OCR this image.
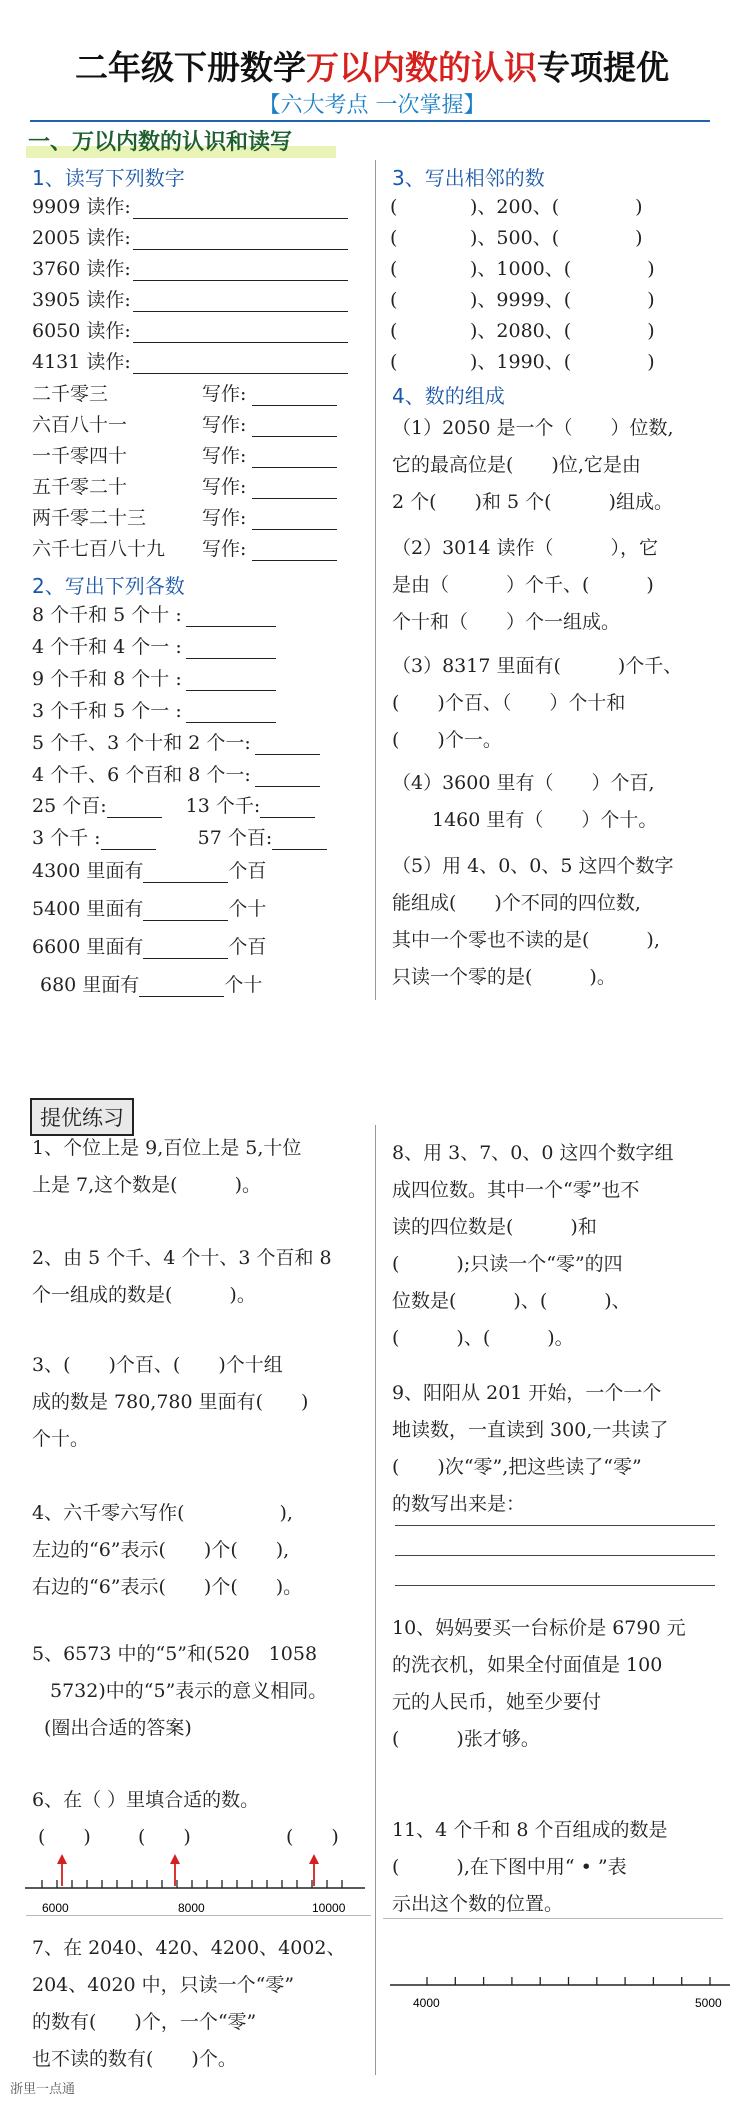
二年级下册数学万以内数的认识专项提优
【六大考点 一次掌握】
一、万以内数的认识和读写
1、读写下列数字
9909 读作:
2005 读作:
3760 读作:
3905 读作:
6050 读作:
4131 读作:
二千零三	写作:
六百八十一	写作:
一千零四十	写作:
五千零二十	写作:
两千零二十三	写作:
六千七百八十九 写作:
2、写出下列各数
8 个千和 5 个十 :
4 个千和 4 个一 :
9 个千和 8 个十 :
3 个千和 5 个一 :
5 个千、3 个十和 2 个一:
4 个千、6 个百和 8 个一:
25 个百:	13 个千:
3 个千 :	57 个百:
4300 里面有	个百
5400 里面有	个十
6600 里面有	个百
680 里面有	个十
3、写出相邻的数
(　　　)、200、(　　　　)
(　　　)、500、(　　　　)
(　　　)、1000、(　　　　)
(　　　)、9999、(　　　　)
(　　　)、2080、(　　　　)
(　　　)、1990、(　　　　)
4、数的组成
（1）2050 是一个（　　）位数,
它的最高位是(　　)位,它是由
2 个(　　)和 5 个(　　　)组成。
（2）3014 读作（　　　），它
是由（　　　）个千、(　　　)
个十和（　　）个一组成。
（3）8317 里面有(　　　)个千、
(　　)个百、（　　）个十和
(　　)个一。
（4）3600 里有（　　）个百,
1460 里有（　　）个十。
（5）用 4、0、0、5 这四个数字
能组成(　　)个不同的四位数,
其中一个零也不读的是(　　　),
只读一个零的是(　　　)。
提优练习
1、个位上是 9,百位上是 5,十位
上是 7,这个数是(　　　)。
2、由 5 个千、4 个十、3 个百和 8
个一组成的数是(　　　)。
3、(　　)个百、(　　)个十组
成的数是 780,780 里面有(　　)
个十。
4、六千零六写作(　　　　　),
左边的“6”表示(　　)个(　　),
右边的“6”表示(　　)个(　　)。
5、6573 中的“5”和(520　1058
5732)中的“5”表示的意义相同。
(圈出合适的答案)
6、在（ ）里填合适的数。
(　　) (　　)	(　　)
6000	8000	10000
7、在 2040、420、4200、4002、
204、4020 中，只读一个“零”
的数有(　　)个，一个“零”
也不读的数有(　　)个。
8、用 3、7、0、0 这四个数字组
成四位数。其中一个“零”也不
读的四位数是(　　　)和
(　　　);只读一个“零”的四
位数是(　　　)、(　　　)、
(　　　)、(　　　)。
9、阳阳从 201 开始，一个一个
地读数，一直读到 300,一共读了
(　　)次“零”,把这些读了“零”
的数写出来是：
10、妈妈要买一台标价是 6790 元
的洗衣机，如果全付面值是 100
元的人民币，她至少要付
(　　　)张才够。
11、4 个千和 8 个百组成的数是
(　　　),在下图中用“ • ”表
示出这个数的位置。
4000	5000
浙里一点通
